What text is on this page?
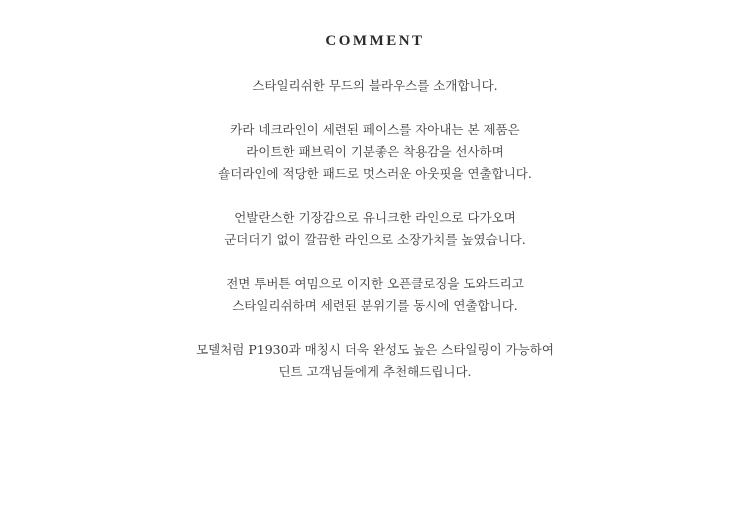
COMMENT
스타일리쉬한 무드의 블라우스를 소개합니다.
카라 네크라인이 세련된 페이스를 자아내는 본 제품은
라이트한 패브릭이 기분좋은 착용감을 선사하며
숄더라인에 적당한 패드로 멋스러운 아웃핏을 연출합니다.
언발란스한 기장감으로 유니크한 라인으로 다가오며
군더더기 없이 깔끔한 라인으로 소장가치를 높였습니다.
전면 투버튼 여밈으로 이지한 오픈클로징을 도와드리고
스타일리쉬하며 세련된 분위기를 동시에 연출합니다.
모델처럼 P1930과 매칭시 더욱 완성도 높은 스타일링이 가능하여
딘트 고객님들에게 추천해드립니다.
